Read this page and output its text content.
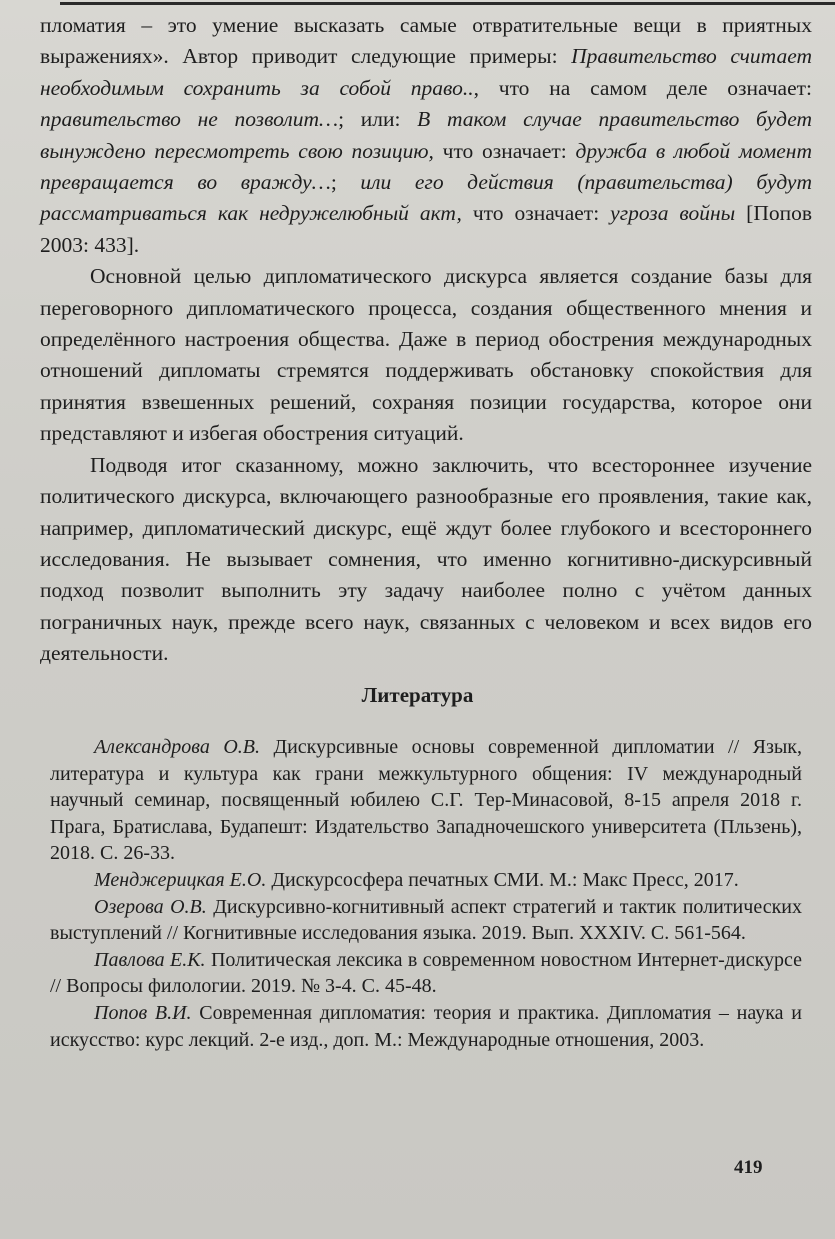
пломатия – это умение высказать самые отвратительные вещи в приятных выражениях». Автор приводит следующие примеры: Правительство считает необходимым сохранить за собой право.., что на самом деле означает: правительство не позволит…; или: В таком случае правительство будет вынуждено пересмотреть свою позицию, что означает: дружба в любой момент превращается во вражду…; или его действия (правительства) будут рассматриваться как недружелюбный акт, что означает: угроза войны [Попов 2003: 433].

Основной целью дипломатического дискурса является создание базы для переговорного дипломатического процесса, создания общественного мнения и определённого настроения общества. Даже в период обострения международных отношений дипломаты стремятся поддерживать обстановку спокойствия для принятия взвешенных решений, сохраняя позиции государства, которое они представляют и избегая обострения ситуаций.

Подводя итог сказанному, можно заключить, что всестороннее изучение политического дискурса, включающего разнообразные его проявления, такие как, например, дипломатический дискурс, ещё ждут более глубокого и всестороннего исследования. Не вызывает сомнения, что именно когнитивно-дискурсивный подход позволит выполнить эту задачу наиболее полно с учётом данных пограничных наук, прежде всего наук, связанных с человеком и всех видов его деятельности.

Литература

Александрова О.В. Дискурсивные основы современной дипломатии // Язык, литература и культура как грани межкультурного общения: IV международный научный семинар, посвященный юбилею С.Г. Тер-Минасовой, 8-15 апреля 2018 г. Прага, Братислава, Будапешт: Издательство Западночешского университета (Пльзень), 2018. С. 26-33.

Менджерицкая Е.О. Дискурсосфера печатных СМИ. М.: Макс Пресс, 2017.

Озерова О.В. Дискурсивно-когнитивный аспект стратегий и тактик политических выступлений // Когнитивные исследования языка. 2019. Вып. XXXIV. С. 561-564.

Павлова Е.К. Политическая лексика в современном новостном Интернет-дискурсе // Вопросы филологии. 2019. № 3-4. С. 45-48.

Попов В.И. Современная дипломатия: теория и практика. Дипломатия – наука и искусство: курс лекций. 2-е изд., доп. М.: Международные отношения, 2003.

419
